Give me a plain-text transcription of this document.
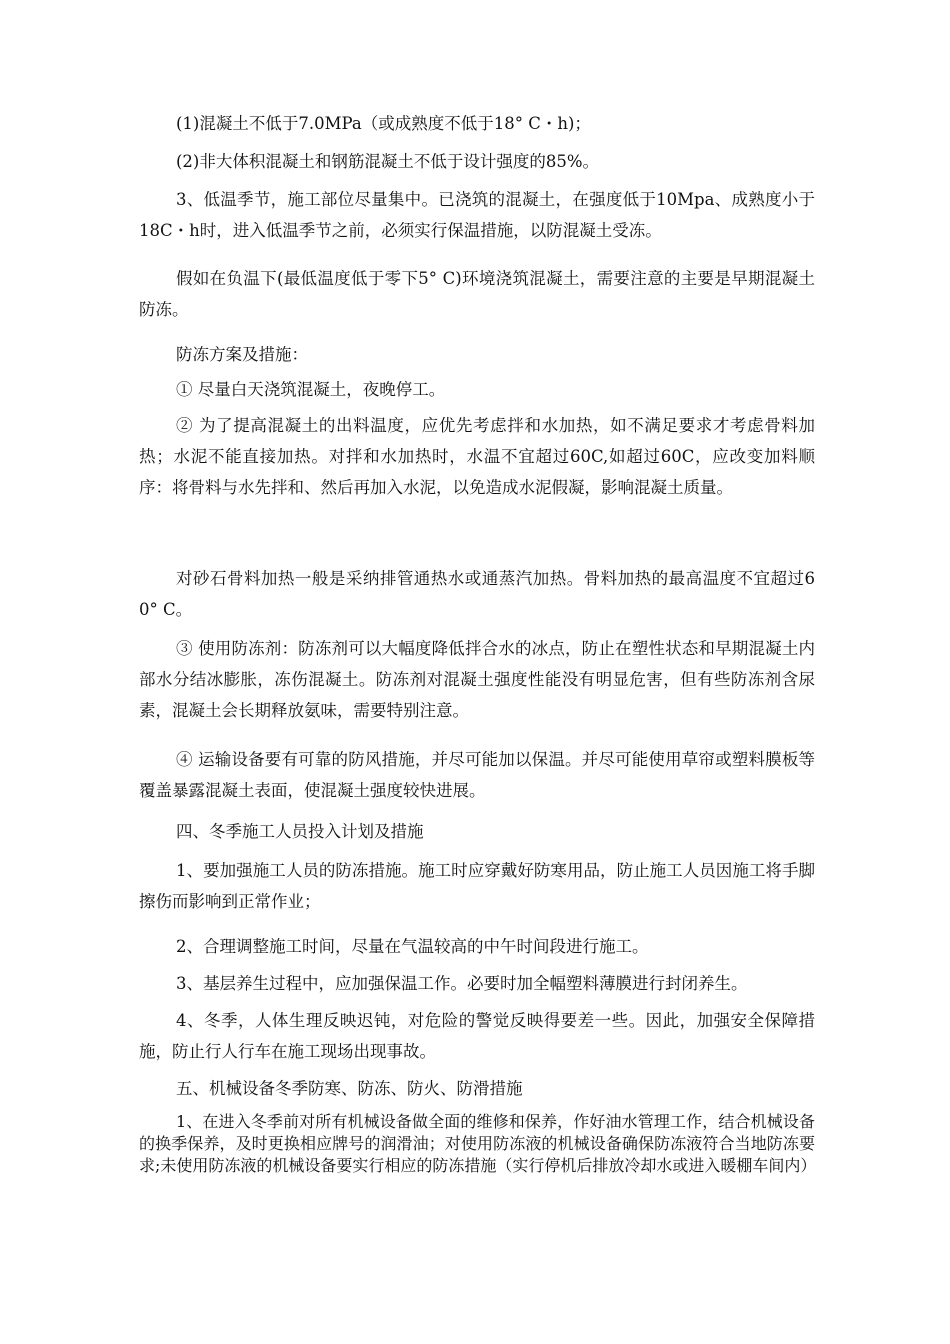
(1)混凝土不低于7.0MPa（或成熟度不低于18° C・h)；

(2)非大体积混凝土和钢筋混凝土不低于设计强度的85%。

3、低温季节，施工部位尽量集中。已浇筑的混凝土，在强度低于10Mpa、成熟度小于18C・h时，进入低温季节之前，必须实行保温措施，以防混凝土受冻。

假如在负温下(最低温度低于零下5° C)环境浇筑混凝土，需要注意的主要是早期混凝土防冻。

防冻方案及措施：

① 尽量白天浇筑混凝土，夜晚停工。

② 为了提高混凝土的出料温度，应优先考虑拌和水加热，如不满足要求才考虑骨料加热；水泥不能直接加热。对拌和水加热时，水温不宜超过60C,如超过60C，应改变加料顺序：将骨料与水先拌和、然后再加入水泥，以免造成水泥假凝，影响混凝土质量。

对砂石骨料加热一般是采纳排管通热水或通蒸汽加热。骨料加热的最高温度不宜超过60° C。

③ 使用防冻剂：防冻剂可以大幅度降低拌合水的冰点，防止在塑性状态和早期混凝土内部水分结冰膨胀，冻伤混凝土。防冻剂对混凝土强度性能没有明显危害，但有些防冻剂含尿素，混凝土会长期释放氨味，需要特别注意。

④ 运输设备要有可靠的防风措施，并尽可能加以保温。并尽可能使用草帘或塑料膜板等覆盖暴露混凝土表面，使混凝土强度较快进展。

四、冬季施工人员投入计划及措施

1、要加强施工人员的防冻措施。施工时应穿戴好防寒用品，防止施工人员因施工将手脚擦伤而影响到正常作业；

2、合理调整施工时间，尽量在气温较高的中午时间段进行施工。

3、基层养生过程中，应加强保温工作。必要时加全幅塑料薄膜进行封闭养生。

4、冬季，人体生理反映迟钝，对危险的警觉反映得要差一些。因此，加强安全保障措施，防止行人行车在施工现场出现事故。

五、机械设备冬季防寒、防冻、防火、防滑措施

1、在进入冬季前对所有机械设备做全面的维修和保养，作好油水管理工作，结合机械设备的换季保养，及时更换相应牌号的润滑油；对使用防冻液的机械设备确保防冻液符合当地防冻要求;未使用防冻液的机械设备要实行相应的防冻措施（实行停机后排放冷却水或进入暖棚车间内）
